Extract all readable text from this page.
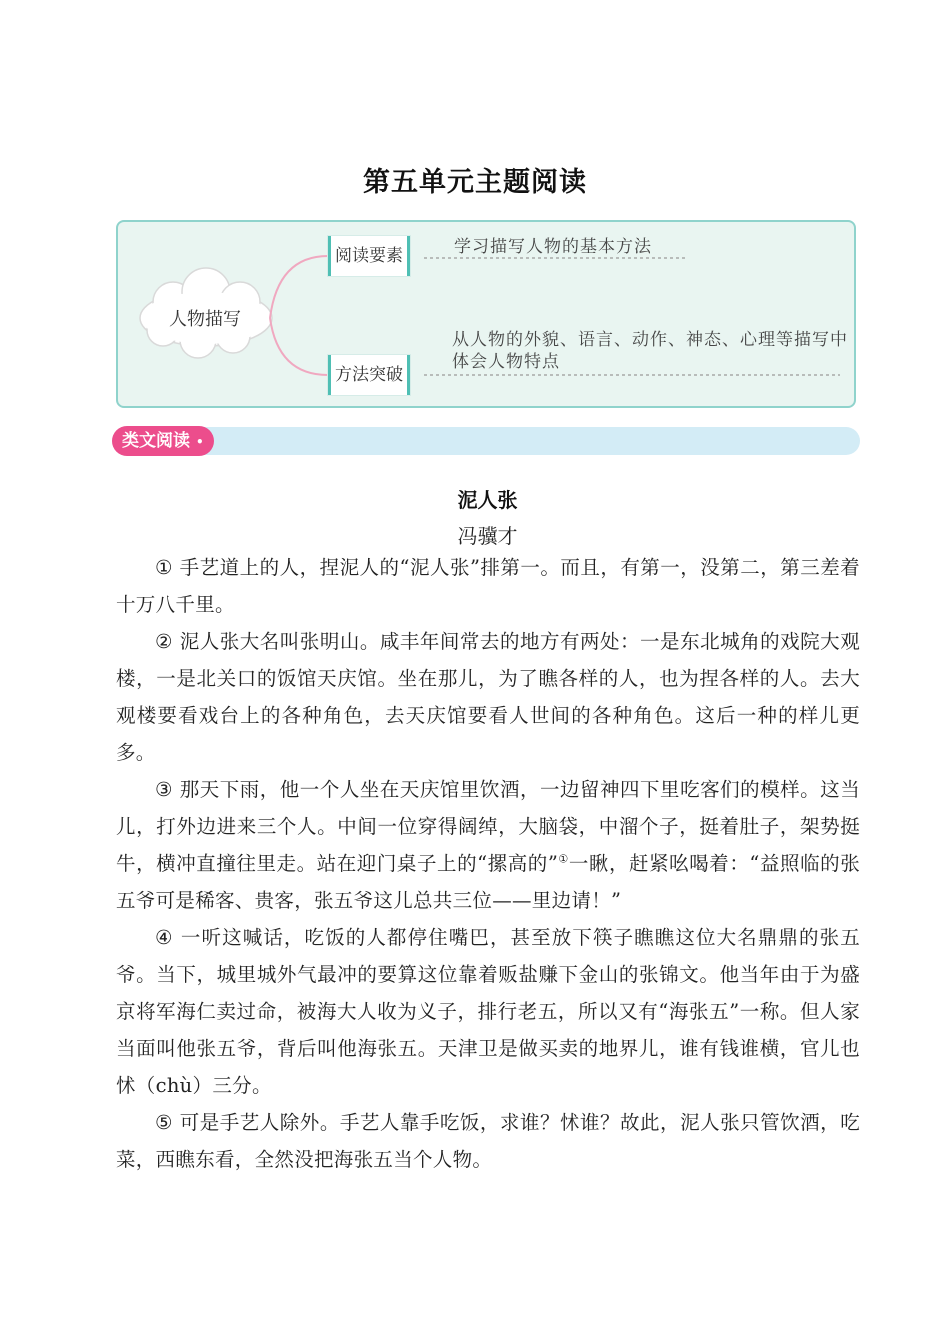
第五单元主题阅读
人物描写
阅读要素
方法突破
学习描写人物的基本方法
从人物的外貌、语言、动作、神态、心理等描写中体会人物特点
类文阅读 •
泥人张
冯骥才

① 手艺道上的人，捏泥人的“泥人张”排第一。而且，有第一，没第二，第三差着十万八千里。

② 泥人张大名叫张明山。咸丰年间常去的地方有两处：一是东北城角的戏院大观楼，一是北关口的饭馆天庆馆。坐在那儿，为了瞧各样的人，也为捏各样的人。去大观楼要看戏台上的各种角色，去天庆馆要看人世间的各种角色。这后一种的样儿更多。

③ 那天下雨，他一个人坐在天庆馆里饮酒，一边留神四下里吃客们的模样。这当儿，打外边进来三个人。中间一位穿得阔绰，大脑袋，中溜个子，挺着肚子，架势挺牛，横冲直撞往里走。站在迎门桌子上的“摞高的”①一瞅，赶紧吆喝着：“益照临的张五爷可是稀客、贵客，张五爷这儿总共三位——里边请！”

④ 一听这喊话，吃饭的人都停住嘴巴，甚至放下筷子瞧瞧这位大名鼎鼎的张五爷。当下，城里城外气最冲的要算这位靠着贩盐赚下金山的张锦文。他当年由于为盛京将军海仁卖过命，被海大人收为义子，排行老五，所以又有“海张五”一称。但人家当面叫他张五爷，背后叫他海张五。天津卫是做买卖的地界儿，谁有钱谁横，官儿也怵（chù）三分。

⑤ 可是手艺人除外。手艺人靠手吃饭，求谁？怵谁？故此，泥人张只管饮酒，吃菜，西瞧东看，全然没把海张五当个人物。
